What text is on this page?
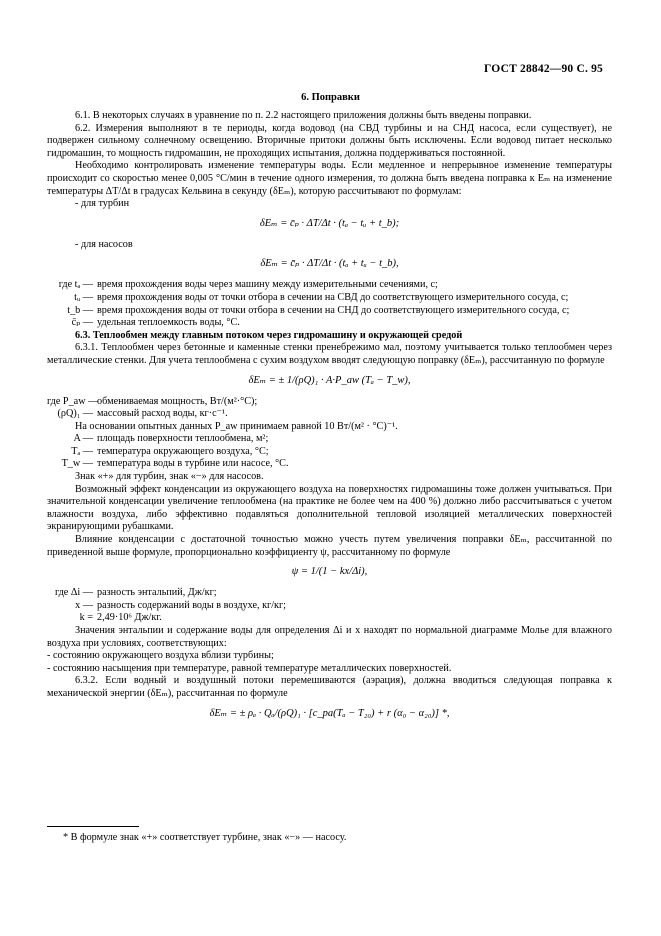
ГОСТ 28842—90 С. 95
6. Поправки

6.1. В некоторых случаях в уравнение по п. 2.2 настоящего приложения должны быть введены поправки.

6.2. Измерения выполняют в те периоды, когда водовод (на СВД турбины и на СНД насоса, если существует), не подвержен сильному солнечному освещению. Вторичные притоки должны быть исключены. Если водовод питает несколько гидромашин, то мощность гидромашин, не проходящих испытания, должна поддерживаться постоянной.

Необходимо контролировать изменение температуры воды. Если медленное и непрерывное изменение температуры происходит со скоростью менее 0,005 °С/мин в течение одного измерения, то должна быть введена поправка к Eₘ на изменение температуры ΔT/Δt в градусах Кельвина в секунду (δEₘ), которую рассчитывают по формулам:

- для турбин

δEₘ = c̄ₚ · ΔT/Δt · (tₐ − tᵤ + t_b);

- для насосов

δEₘ = c̄ₚ · ΔT/Δt · (tₐ + tᵤ − t_b),

где tₐ — время прохождения воды через машину между измерительными сечениями, с;
tᵤ — время прохождения воды от точки отбора в сечении на СВД до соответствующего измерительного сосуда, с;
t_b — время прохождения воды от точки отбора в сечении на СНД до соответствующего измерительного сосуда, с;
c̄ₚ — удельная теплоемкость воды, °С.

6.3. Теплообмен между главным потоком через гидромашину и окружающей средой

6.3.1. Теплообмен через бетонные и каменные стенки пренебрежимо мал, поэтому учитывается только теплообмен через металлические стенки. Для учета теплообмена с сухим воздухом вводят следующую поправку (δEₘ), рассчитанную по формуле

δEₘ = ± 1/(ρQ)₁ · A·P_aw (Tₐ − T_w),

где P_aw —
обмениваемая мощность, Вт/(м²·°С);
(ρQ)₁ — массовый расход воды, кг·с⁻¹.

На основании опытных данных P_aw принимаем равной 10 Вт/(м² · °С)⁻¹.

A — площадь поверхности теплообмена, м²;
Tₐ — температура окружающего воздуха, °С;
T_w — температура воды в турбине или насосе, °С.

Знак «+» для турбин, знак «−» для насосов.

Возможный эффект конденсации из окружающего воздуха на поверхностях гидромашины тоже должен учитываться. При значительной конденсации увеличение теплообмена (на практике не более чем на 400 %) должно либо рассчитываться с учетом влажности воздуха, либо эффективно подавляться дополнительной тепловой изоляцией металлических поверхностей экранирующими рубашками.

Влияние конденсации с достаточной точностью можно учесть путем увеличения поправки δEₘ, рассчитанной по приведенной выше формуле, пропорционально коэффициенту ψ, рассчитанному по формуле

ψ = 1/(1 − kx/Δi),

где Δi — разность энтальпий, Дж/кг;
x — разность содержаний воды в воздухе, кг/кг;
k = 2,49·10⁶ Дж/кг.

Значения энтальпии и содержание воды для определения Δi и x находят по нормальной диаграмме Молье для влажного воздуха при условиях, соответствующих:

- состоянию окружающего воздуха вблизи турбины;

- состоянию насыщения при температуре, равной температуре металлических поверхностей.

6.3.2. Если водный и воздушный потоки перемешиваются (аэрация), должна вводиться следующая поправка к механической энергии (δEₘ), рассчитанная по формуле

δEₘ = ± ρₐ · Qₐ/(ρQ)₁ · [c_pa(Tₐ − T₂₀) + r (α₀ − α₂₀)] *,

* В формуле знак «+» соответствует турбине, знак «−» — насосу.
